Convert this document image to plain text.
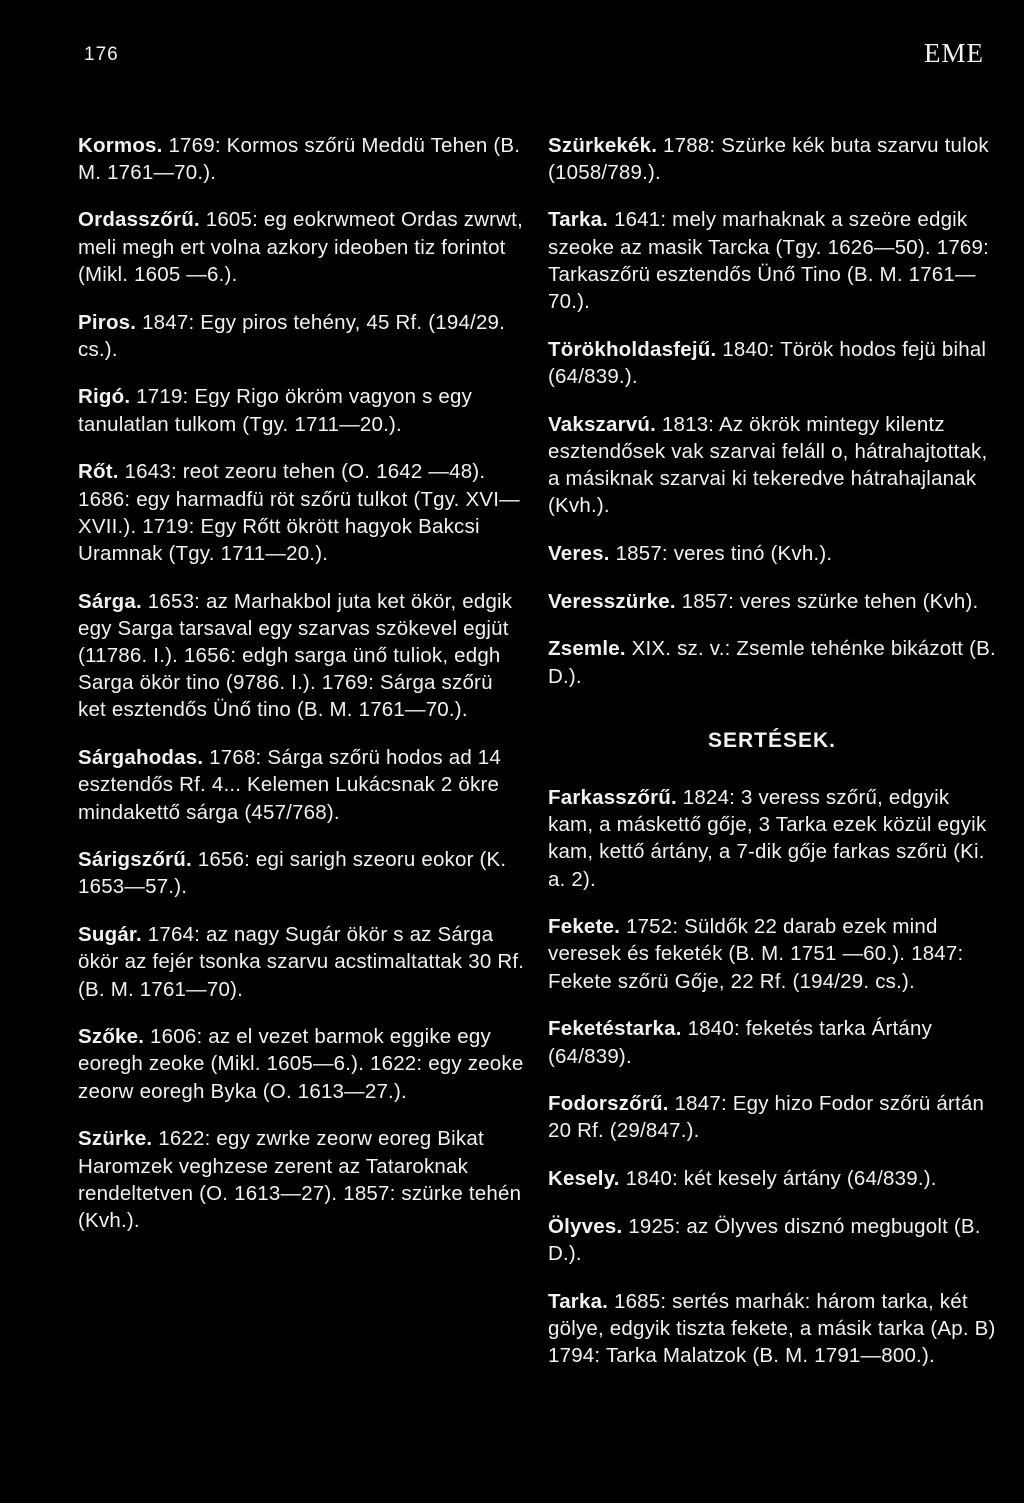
176	EME

Kormos. 1769: Kormos szőrü Meddü Tehen (B. M. 1761—70.).

Ordasszőrű. 1605: eg eokrwmeot Ordas zwrwt, meli megh ert volna azkory ideoben tiz forintot (Mikl. 1605 —6.).

Piros. 1847: Egy piros tehény, 45 Rf. (194/29. cs.).

Rigó. 1719: Egy Rigo ökröm vagyon s egy tanulatlan tulkom (Tgy. 1711—20.).

Rőt. 1643: reot zeoru tehen (O. 1642 —48). 1686: egy harmadfü röt szőrü tulkot (Tgy. XVI—XVII.). 1719: Egy Rőtt ökrött hagyok Bakcsi Uramnak (Tgy. 1711—20.).

Sárga. 1653: az Marhakbol juta ket ökör, edgik egy Sarga tarsaval egy szarvas szökevel egjüt (11786. I.). 1656: edgh sarga ünő tuliok, edgh Sarga ökör tino (9786. I.). 1769: Sárga szőrü ket esztendős Ünő tino (B. M. 1761—70.).

Sárgahodas. 1768: Sárga szőrü hodos ad 14 esztendős Rf. 4... Kelemen Lukácsnak 2 ökre mindakettő sárga (457/768).

Sárigszőrű. 1656: egi sarigh szeoru eokor (K. 1653—57.).

Sugár. 1764: az nagy Sugár ökör s az Sárga ökör az fejér tsonka szarvu acstimaltattak 30 Rf. (B. M. 1761—70).

Szőke. 1606: az el vezet barmok eggike egy eoregh zeoke (Mikl. 1605—6.). 1622: egy zeoke zeorw eoregh Byka (O. 1613—27.).

Szürke. 1622: egy zwrke zeorw eoreg Bikat Haromzek veghzese zerent az Tataroknak rendeltetven (O. 1613—27). 1857: szürke tehén (Kvh.).

Szürkekék. 1788: Szürke kék buta szarvu tulok (1058/789.).

Tarka. 1641: mely marhaknak a szeöre edgik szeoke az masik Tarcka (Tgy. 1626—50). 1769: Tarkaszőrü esztendős Ünő Tino (B. M. 1761—70.).

Törökholdasfejű. 1840: Török hodos fejü bihal (64/839.).

Vakszarvú. 1813: Az ökrök mintegy kilentz esztendősek vak szarvai feláll o, hátrahajtottak, a másiknak szarvai ki tekeredve hátrahajlanak (Kvh.).

Veres. 1857: veres tinó (Kvh.).

Veresszürke. 1857: veres szürke tehen (Kvh).

Zsemle. XIX. sz. v.: Zsemle tehénke bikázott (B. D.).

SERTÉSEK.

Farkasszőrű. 1824: 3 veress szőrű, edgyik kam, a máskettő gője, 3 Tarka ezek közül egyik kam, kettő ártány, a 7-dik gője farkas szőrü (Ki. a. 2).

Fekete. 1752: Süldők 22 darab ezek mind veresek és feketék (B. M. 1751 —60.). 1847: Fekete szőrü Gője, 22 Rf. (194/29. cs.).

Feketéstarka. 1840: feketés tarka Ártány (64/839).

Fodorszőrű. 1847: Egy hizo Fodor szőrü ártán 20 Rf. (29/847.).

Kesely. 1840: két kesely ártány (64/839.).

Ölyves. 1925: az Ölyves disznó megbugolt (B. D.).

Tarka. 1685: sertés marhák: három tarka, két gölye, edgyik tiszta fekete, a másik tarka (Ap. B) 1794: Tarka Malatzok (B. M. 1791—800.).
